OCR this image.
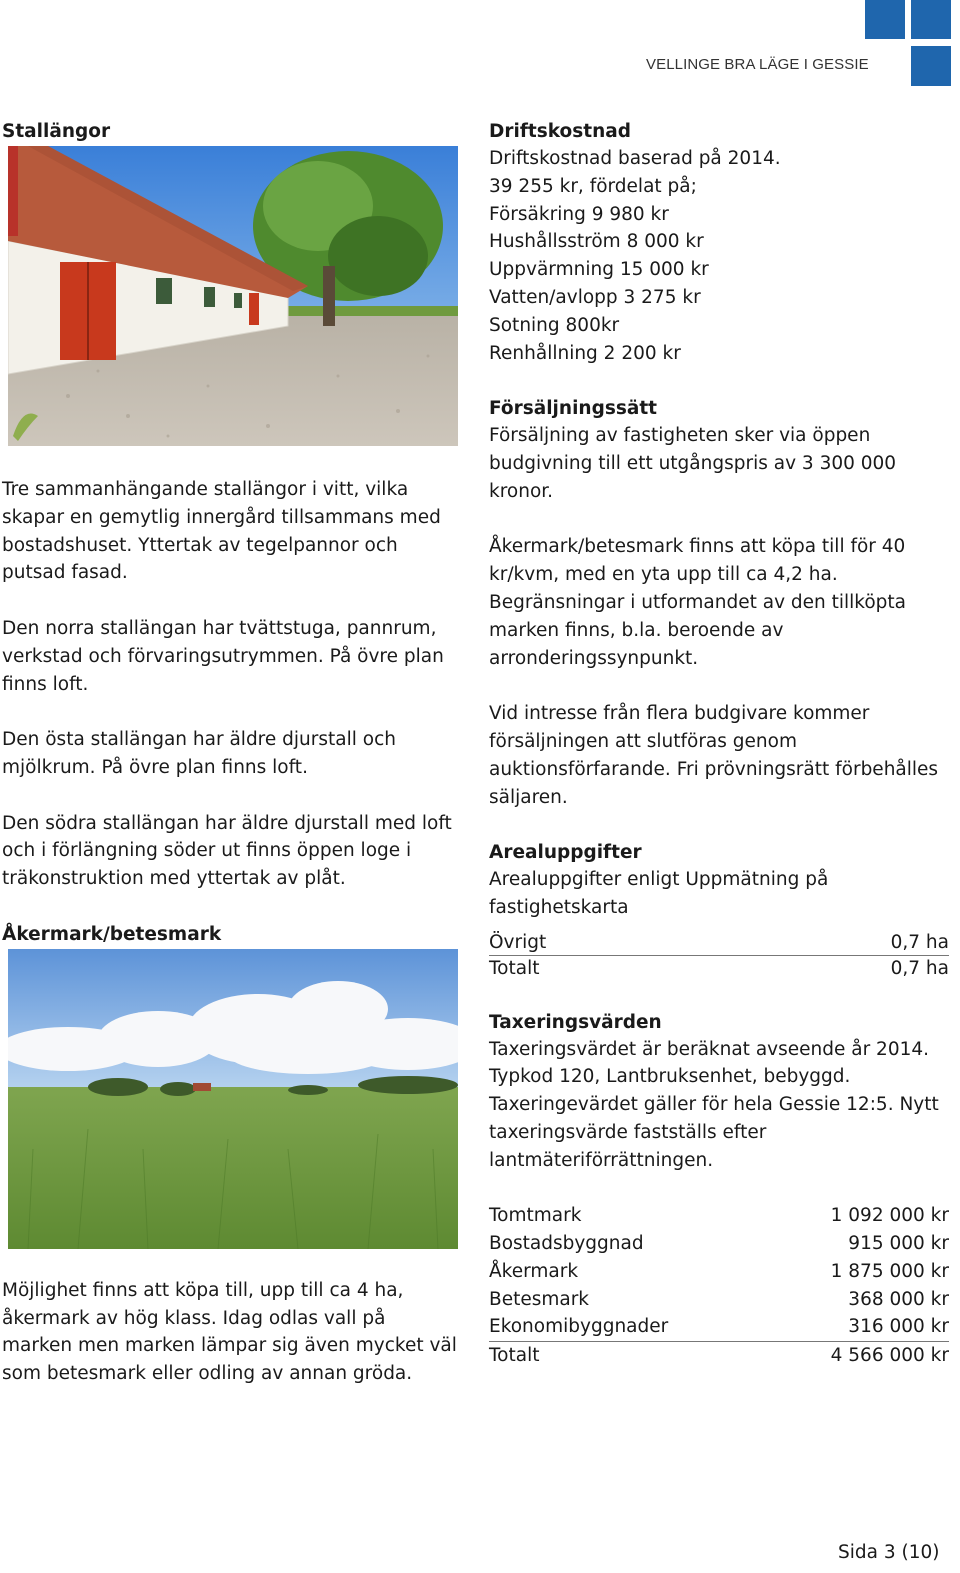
VELLINGE BRA LÄGE I GESSIE
Stallängor

Tre sammanhängande stallängor i vitt, vilka skapar en gemytlig innergård tillsammans med bostadshuset. Yttertak av tegelpannor och putsad fasad.

Den norra stallängan har tvättstuga, pannrum, verkstad och förvaringsutrymmen. På övre plan finns loft.

Den östa stallängan har äldre djurstall och mjölkrum. På övre plan finns loft.

Den södra stallängan har äldre djurstall med loft och i förlängning söder ut finns öppen loge i träkonstruktion med yttertak av plåt.

Åkermark/betesmark

Möjlighet finns att köpa till, upp till ca 4 ha, åkermark av hög klass. Idag odlas vall på marken men marken lämpar sig även mycket väl som betesmark eller odling av annan gröda.

Driftskostnad

Driftskostnad baserad på 2014.

39 255 kr, fördelat på;

Försäkring 9 980 kr

Hushållsström 8 000 kr

Uppvärmning 15 000 kr

Vatten/avlopp 3 275 kr

Sotning 800kr

Renhållning 2 200 kr

Försäljningssätt

Försäljning av fastigheten sker via öppen budgivning till ett utgångspris av 3 300 000 kronor.

Åkermark/betesmark finns att köpa till för 40 kr/kvm, med en yta upp till ca 4,2 ha. Begränsningar i utformandet av den tillköpta marken finns, b.la. beroende av arronderingssynpunkt.

Vid intresse från flera budgivare kommer försäljningen att slutföras genom auktionsförfarande. Fri prövningsrätt förbehålles säljaren.

Arealuppgifter

Arealuppgifter enligt Uppmätning på fastighetskarta

Övrigt	0,7 ha
Totalt	0,7 ha
Taxeringsvärden

Taxeringsvärdet är beräknat avseende år 2014. Typkod 120, Lantbruksenhet, bebyggd. Taxeringevärdet gäller för hela Gessie 12:5. Nytt taxeringsvärde fastställs efter lantmäteriförrättningen.

Tomtmark	1 092 000 kr
Bostadsbyggnad	915 000 kr
Åkermark	1 875 000 kr
Betesmark	368 000 kr
Ekonomibyggnader	316 000 kr
Totalt	4 566 000 kr
Sida 3 (10)
